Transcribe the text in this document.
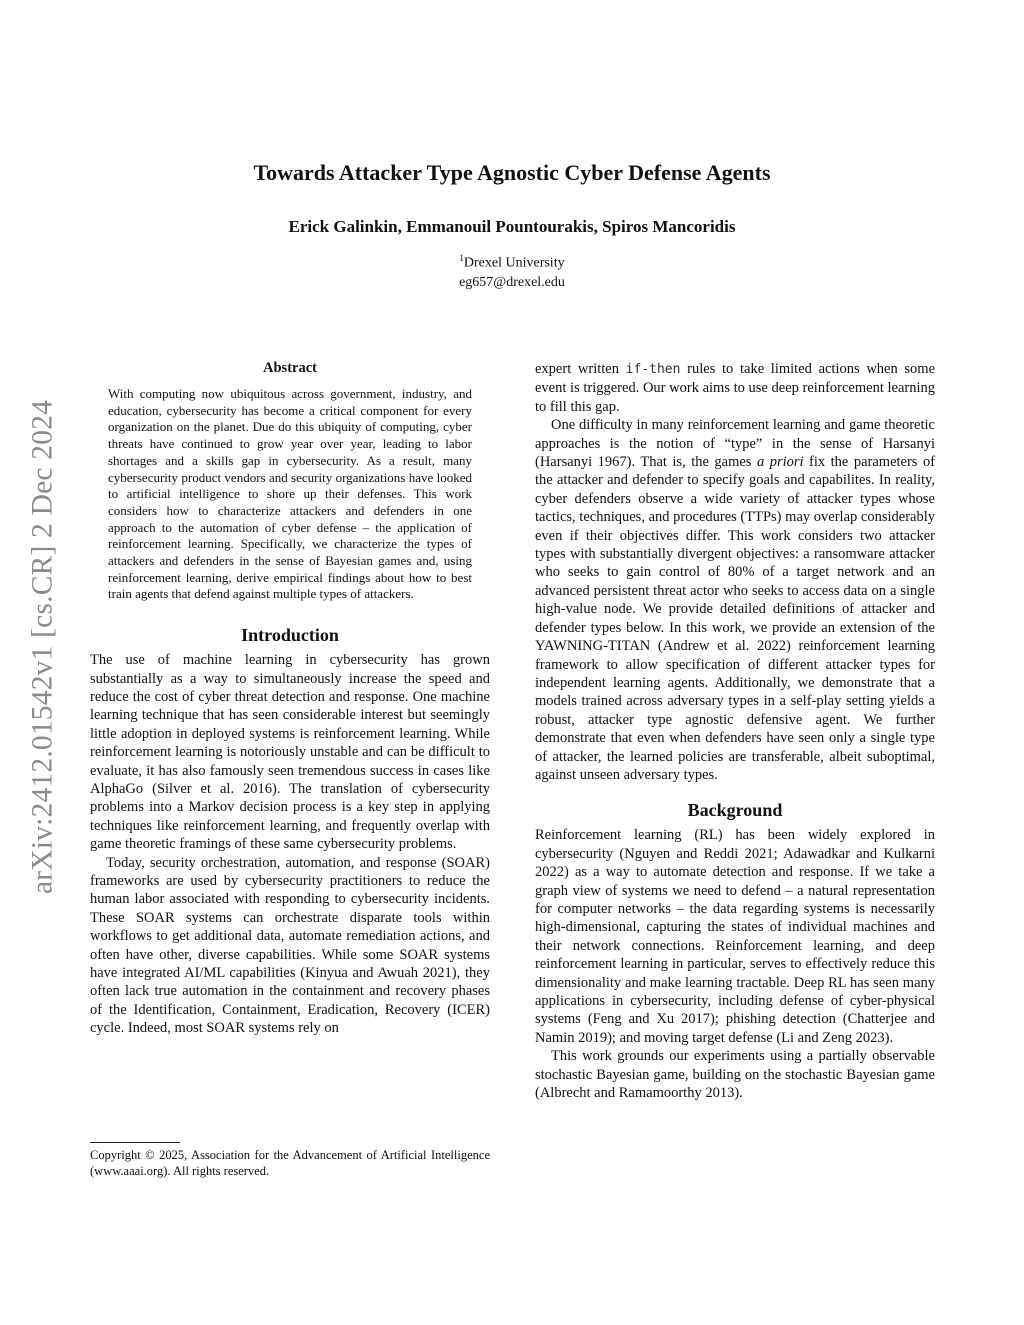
Towards Attacker Type Agnostic Cyber Defense Agents
Erick Galinkin, Emmanouil Pountourakis, Spiros Mancoridis
$^1$Drexel University
eg657@drexel.edu
arXiv:2412.01542v1 [cs.CR] 2 Dec 2024
Abstract

With computing now ubiquitous across government, industry, and education, cybersecurity has become a critical component for every organization on the planet. Due do this ubiquity of computing, cyber threats have continued to grow year over year, leading to labor shortages and a skills gap in cybersecurity. As a result, many cybersecurity product vendors and security organizations have looked to artificial intelligence to shore up their defenses. This work considers how to characterize attackers and defenders in one approach to the automation of cyber defense – the application of reinforcement learning. Specifically, we characterize the types of attackers and defenders in the sense of Bayesian games and, using reinforcement learning, derive empirical findings about how to best train agents that defend against multiple types of attackers.

Introduction

The use of machine learning in cybersecurity has grown substantially as a way to simultaneously increase the speed and reduce the cost of cyber threat detection and response. One machine learning technique that has seen considerable interest but seemingly little adoption in deployed systems is reinforcement learning. While reinforcement learning is notoriously unstable and can be difficult to evaluate, it has also famously seen tremendous success in cases like AlphaGo (Silver et al. 2016). The translation of cybersecurity problems into a Markov decision process is a key step in applying techniques like reinforcement learning, and frequently overlap with game theoretic framings of these same cybersecurity problems.

Today, security orchestration, automation, and response (SOAR) frameworks are used by cybersecurity practitioners to reduce the human labor associated with responding to cybersecurity incidents. These SOAR systems can orchestrate disparate tools within workflows to get additional data, automate remediation actions, and often have other, diverse capabilities. While some SOAR systems have integrated AI/ML capabilities (Kinyua and Awuah 2021), they often lack true automation in the containment and recovery phases of the Identification, Containment, Eradication, Recovery (ICER) cycle. Indeed, most SOAR systems rely on

Copyright © 2025, Association for the Advancement of Artificial Intelligence (www.aaai.org). All rights reserved.

expert written if-then rules to take limited actions when some event is triggered. Our work aims to use deep reinforcement learning to fill this gap.

One difficulty in many reinforcement learning and game theoretic approaches is the notion of “type” in the sense of Harsanyi (Harsanyi 1967). That is, the games a priori fix the parameters of the attacker and defender to specify goals and capabilites. In reality, cyber defenders observe a wide variety of attacker types whose tactics, techniques, and procedures (TTPs) may overlap considerably even if their objectives differ. This work considers two attacker types with substantially divergent objectives: a ransomware attacker who seeks to gain control of 80% of a target network and an advanced persistent threat actor who seeks to access data on a single high-value node. We provide detailed definitions of attacker and defender types below. In this work, we provide an extension of the YAWNING-TITAN (Andrew et al. 2022) reinforcement learning framework to allow specification of different attacker types for independent learning agents. Additionally, we demonstrate that a models trained across adversary types in a self-play setting yields a robust, attacker type agnostic defensive agent. We further demonstrate that even when defenders have seen only a single type of attacker, the learned policies are transferable, albeit suboptimal, against unseen adversary types.

Background

Reinforcement learning (RL) has been widely explored in cybersecurity (Nguyen and Reddi 2021; Adawadkar and Kulkarni 2022) as a way to automate detection and response. If we take a graph view of systems we need to defend – a natural representation for computer networks – the data regarding systems is necessarily high-dimensional, capturing the states of individual machines and their network connections. Reinforcement learning, and deep reinforcement learning in particular, serves to effectively reduce this dimensionality and make learning tractable. Deep RL has seen many applications in cybersecurity, including defense of cyber-physical systems (Feng and Xu 2017); phishing detection (Chatterjee and Namin 2019); and moving target defense (Li and Zeng 2023).

This work grounds our experiments using a partially observable stochastic Bayesian game, building on the stochastic Bayesian game (Albrecht and Ramamoorthy 2013).
